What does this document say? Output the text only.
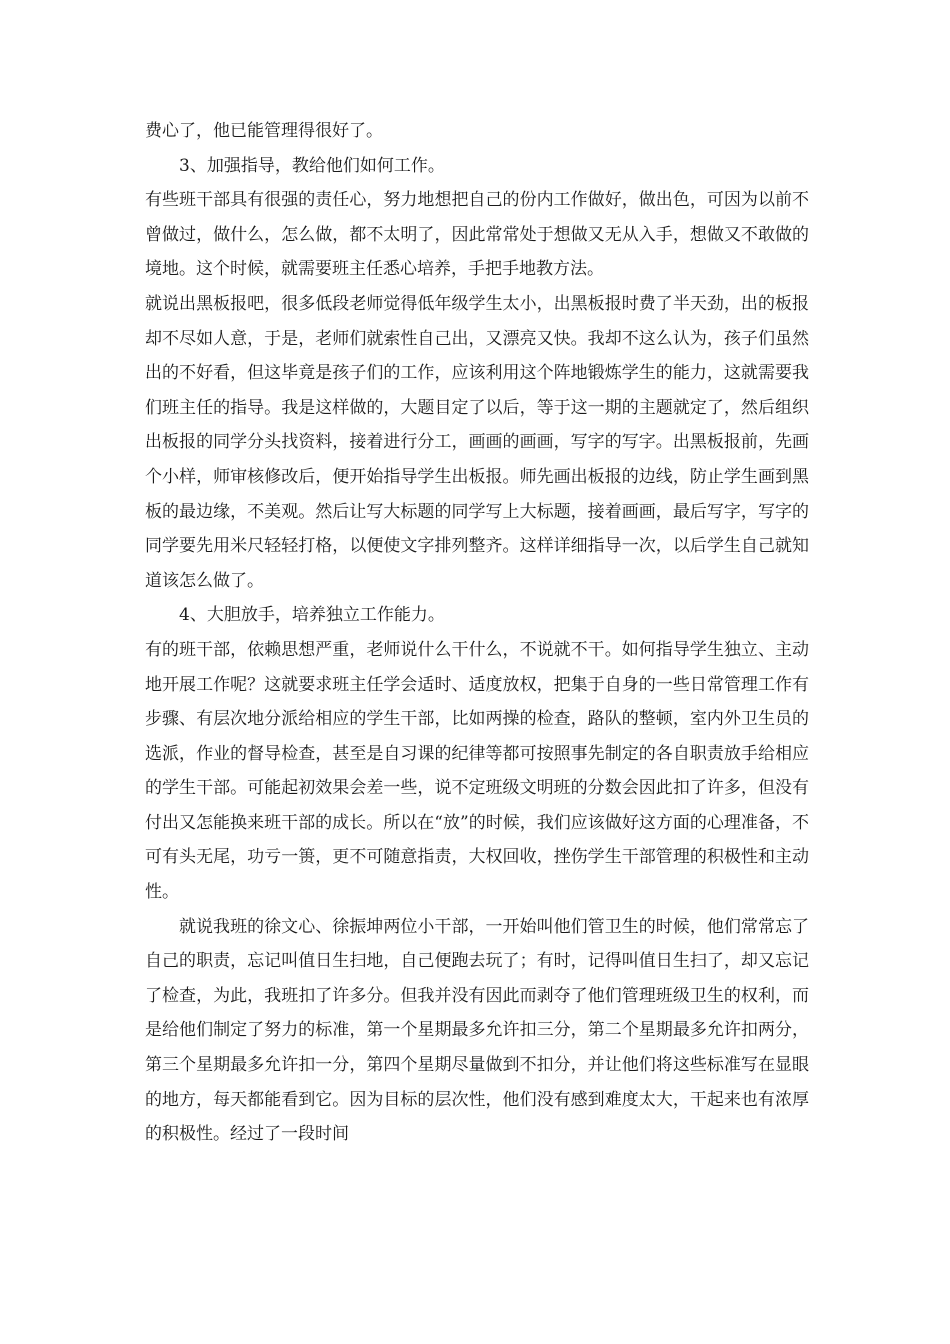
费心了，他已能管理得很好了。

3、加强指导，教给他们如何工作。

有些班干部具有很强的责任心，努力地想把自己的份内工作做好，做出色，可因为以前不曾做过，做什么，怎么做，都不太明了，因此常常处于想做又无从入手，想做又不敢做的境地。这个时候，就需要班主任悉心培养，手把手地教方法。

就说出黑板报吧，很多低段老师觉得低年级学生太小，出黑板报时费了半天劲，出的板报却不尽如人意，于是，老师们就索性自己出，又漂亮又快。我却不这么认为，孩子们虽然出的不好看，但这毕竟是孩子们的工作，应该利用这个阵地锻炼学生的能力，这就需要我们班主任的指导。我是这样做的，大题目定了以后，等于这一期的主题就定了，然后组织出板报的同学分头找资料，接着进行分工，画画的画画，写字的写字。出黑板报前，先画个小样，师审核修改后，便开始指导学生出板报。师先画出板报的边线，防止学生画到黑板的最边缘，不美观。然后让写大标题的同学写上大标题，接着画画，最后写字，写字的同学要先用米尺轻轻打格，以便使文字排列整齐。这样详细指导一次，以后学生自己就知道该怎么做了。

4、大胆放手，培养独立工作能力。

有的班干部，依赖思想严重，老师说什么干什么，不说就不干。如何指导学生独立、主动地开展工作呢？这就要求班主任学会适时、适度放权，把集于自身的一些日常管理工作有步骤、有层次地分派给相应的学生干部，比如两操的检查，路队的整顿，室内外卫生员的选派，作业的督导检查，甚至是自习课的纪律等都可按照事先制定的各自职责放手给相应的学生干部。可能起初效果会差一些，说不定班级文明班的分数会因此扣了许多，但没有付出又怎能换来班干部的成长。所以在“放”的时候，我们应该做好这方面的心理准备，不可有头无尾，功亏一篑，更不可随意指责，大权回收，挫伤学生干部管理的积极性和主动性。

就说我班的徐文心、徐振坤两位小干部，一开始叫他们管卫生的时候，他们常常忘了自己的职责，忘记叫值日生扫地，自己便跑去玩了；有时，记得叫值日生扫了，却又忘记了检查，为此，我班扣了许多分。但我并没有因此而剥夺了他们管理班级卫生的权利，而是给他们制定了努力的标准，第一个星期最多允许扣三分，第二个星期最多允许扣两分，第三个星期最多允许扣一分，第四个星期尽量做到不扣分，并让他们将这些标准写在显眼的地方，每天都能看到它。因为目标的层次性，他们没有感到难度太大，干起来也有浓厚的积极性。经过了一段时间
